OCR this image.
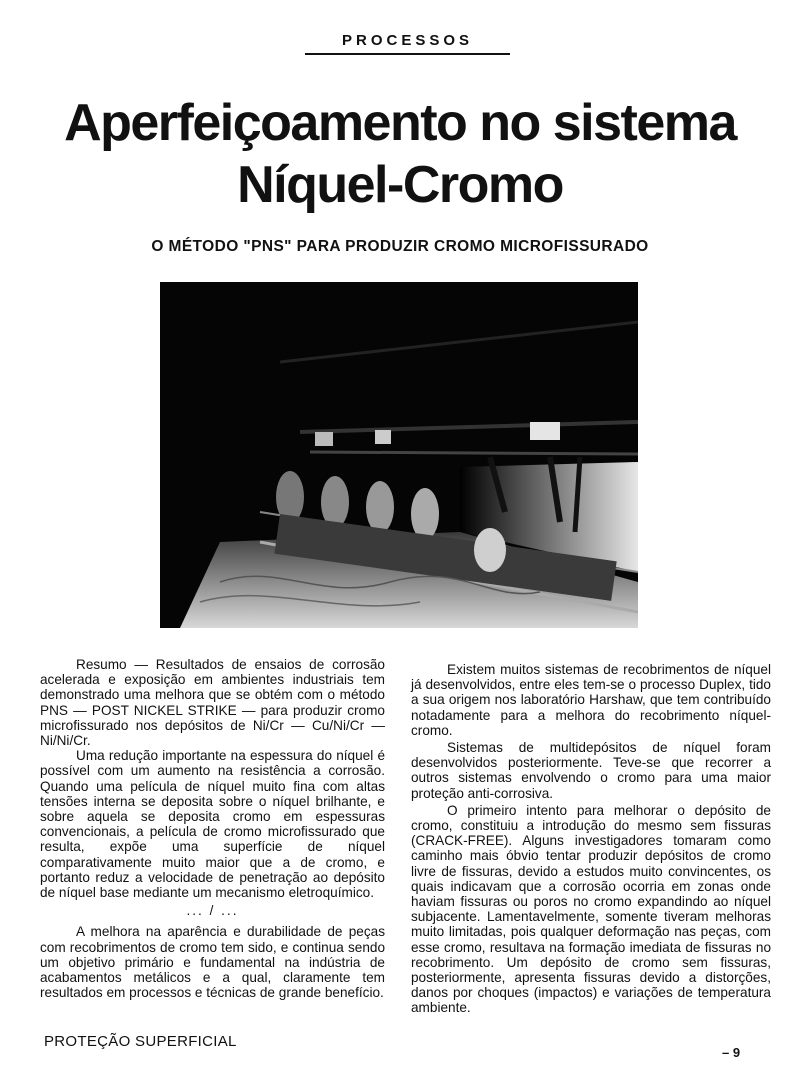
PROCESSOS
Aperfeiçoamento no sistema
Níquel-Cromo
O MÉTODO "PNS" PARA PRODUZIR CROMO MICROFISSURADO

Resumo — Resultados de ensaios de corrosão acelerada e exposição em ambientes industriais tem demonstrado uma melhora que se obtém com o método PNS — POST NICKEL STRIKE — para produzir cromo microfissurado nos depósitos de Ni/Cr — Cu/Ni/Cr — Ni/Ni/Cr.

Uma redução importante na espessura do níquel é possível com um aumento na resistência a corrosão. Quando uma película de níquel muito fina com altas tensões interna se deposita sobre o níquel brilhante, e sobre aquela se deposita cromo em espessuras convencionais, a película de cromo microfissurado que resulta, expõe uma superfície de níquel comparativamente muito maior que a de cromo, e portanto reduz a velocidade de penetração ao depósito de níquel base mediante um mecanismo eletroquímico.

... / ...

A melhora na aparência e durabilidade de peças com recobrimentos de cromo tem sido, e continua sendo um objetivo primário e fundamental na indústria de acabamentos metálicos e a qual, claramente tem resultados em processos e técnicas de grande benefício.

Existem muitos sistemas de recobrimentos de níquel já desenvolvidos, entre eles tem-se o processo Duplex, tido a sua origem nos laboratório Harshaw, que tem contribuído notadamente para a melhora do recobrimento níquel-cromo.

Sistemas de multidepósitos de níquel foram desenvolvidos posteriormente. Teve-se que recorrer a outros sistemas envolvendo o cromo para uma maior proteção anti-corrosiva.

O primeiro intento para melhorar o depósito de cromo, constituiu a introdução do mesmo sem fissuras (CRACK-FREE). Alguns investigadores tomaram como caminho mais óbvio tentar produzir depósitos de cromo livre de fissuras, devido a estudos muito convincentes, os quais indicavam que a corrosão ocorria em zonas onde haviam fissuras ou poros no cromo expandindo ao níquel subjacente. Lamentavelmente, somente tiveram melhoras muito limitadas, pois qualquer deformação nas peças, com esse cromo, resultava na formação imediata de fissuras no recobrimento. Um depósito de cromo sem fissuras, posteriormente, apresenta fissuras devido a distorções, danos por choques (impactos) e variações de temperatura ambiente.

PROTEÇÃO SUPERFICIAL
– 9
